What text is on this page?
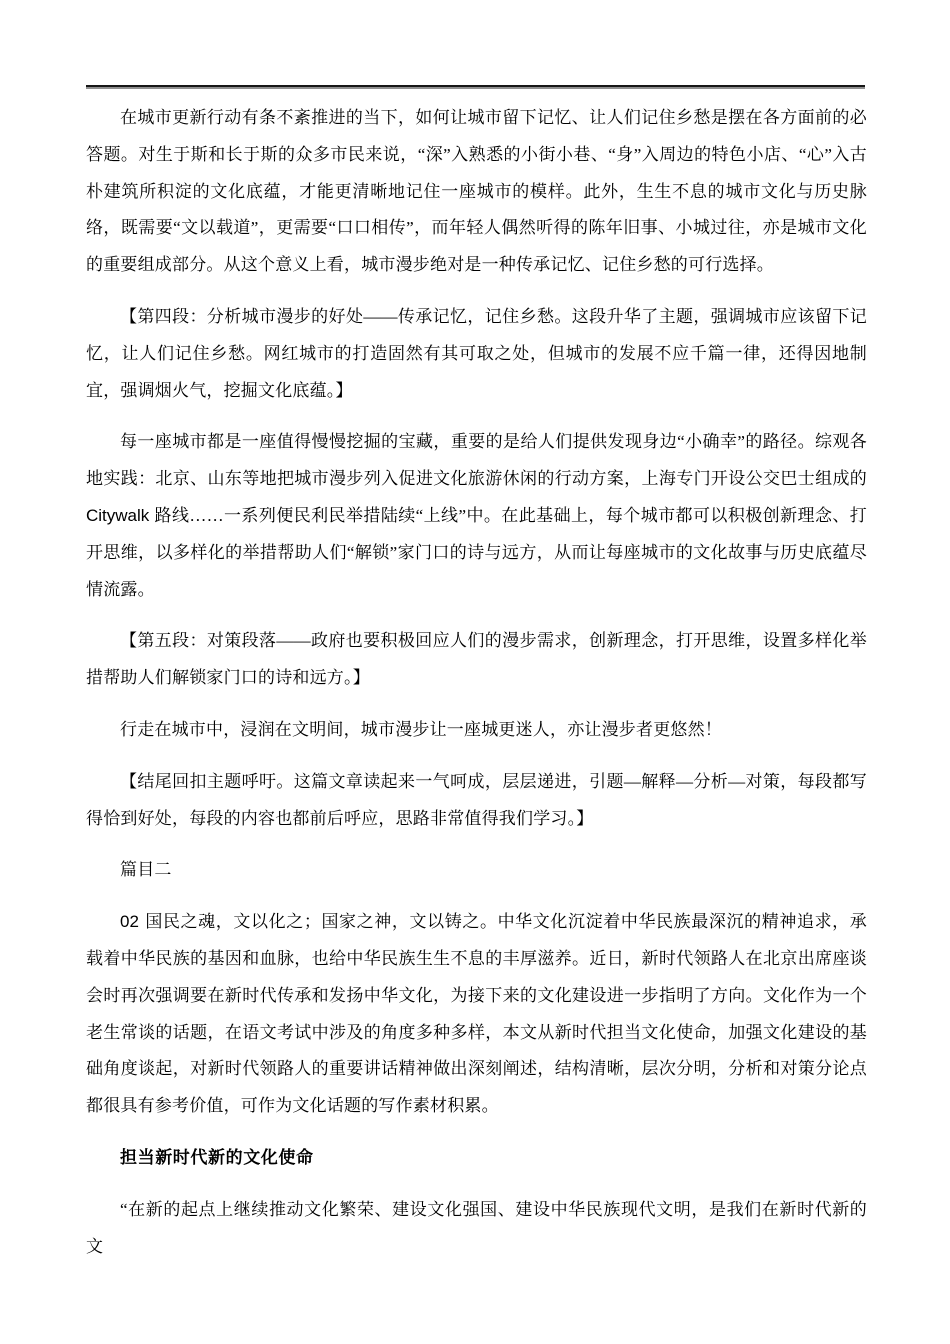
在城市更新行动有条不紊推进的当下，如何让城市留下记忆、让人们记住乡愁是摆在各方面前的必答题。对生于斯和长于斯的众多市民来说，“深”入熟悉的小街小巷、“身”入周边的特色小店、“心”入古朴建筑所积淀的文化底蕴，才能更清晰地记住一座城市的模样。此外，生生不息的城市文化与历史脉络，既需要“文以载道”，更需要“口口相传”，而年轻人偶然听得的陈年旧事、小城过往，亦是城市文化的重要组成部分。从这个意义上看，城市漫步绝对是一种传承记忆、记住乡愁的可行选择。

【第四段：分析城市漫步的好处——传承记忆，记住乡愁。这段升华了主题，强调城市应该留下记忆，让人们记住乡愁。网红城市的打造固然有其可取之处，但城市的发展不应千篇一律，还得因地制宜，强调烟火气，挖掘文化底蕴。】

每一座城市都是一座值得慢慢挖掘的宝藏，重要的是给人们提供发现身边“小确幸”的路径。综观各地实践：北京、山东等地把城市漫步列入促进文化旅游休闲的行动方案，上海专门开设公交巴士组成的Citywalk 路线……一系列便民利民举措陆续“上线”中。在此基础上，每个城市都可以积极创新理念、打开思维，以多样化的举措帮助人们“解锁”家门口的诗与远方，从而让每座城市的文化故事与历史底蕴尽情流露。

【第五段：对策段落——政府也要积极回应人们的漫步需求，创新理念，打开思维，设置多样化举措帮助人们解锁家门口的诗和远方。】

行走在城市中，浸润在文明间，城市漫步让一座城更迷人，亦让漫步者更悠然！

【结尾回扣主题呼吁。这篇文章读起来一气呵成，层层递进，引题—解释—分析—对策，每段都写得恰到好处，每段的内容也都前后呼应，思路非常值得我们学习。】

篇目二

02 国民之魂，文以化之；国家之神，文以铸之。中华文化沉淀着中华民族最深沉的精神追求，承载着中华民族的基因和血脉，也给中华民族生生不息的丰厚滋养。近日，新时代领路人在北京出席座谈会时再次强调要在新时代传承和发扬中华文化，为接下来的文化建设进一步指明了方向。文化作为一个老生常谈的话题，在语文考试中涉及的角度多种多样，本文从新时代担当文化使命，加强文化建设的基础角度谈起，对新时代领路人的重要讲话精神做出深刻阐述，结构清晰，层次分明，分析和对策分论点都很具有参考价值，可作为文化话题的写作素材积累。

担当新时代新的文化使命

“在新的起点上继续推动文化繁荣、建设文化强国、建设中华民族现代文明，是我们在新时代新的文
